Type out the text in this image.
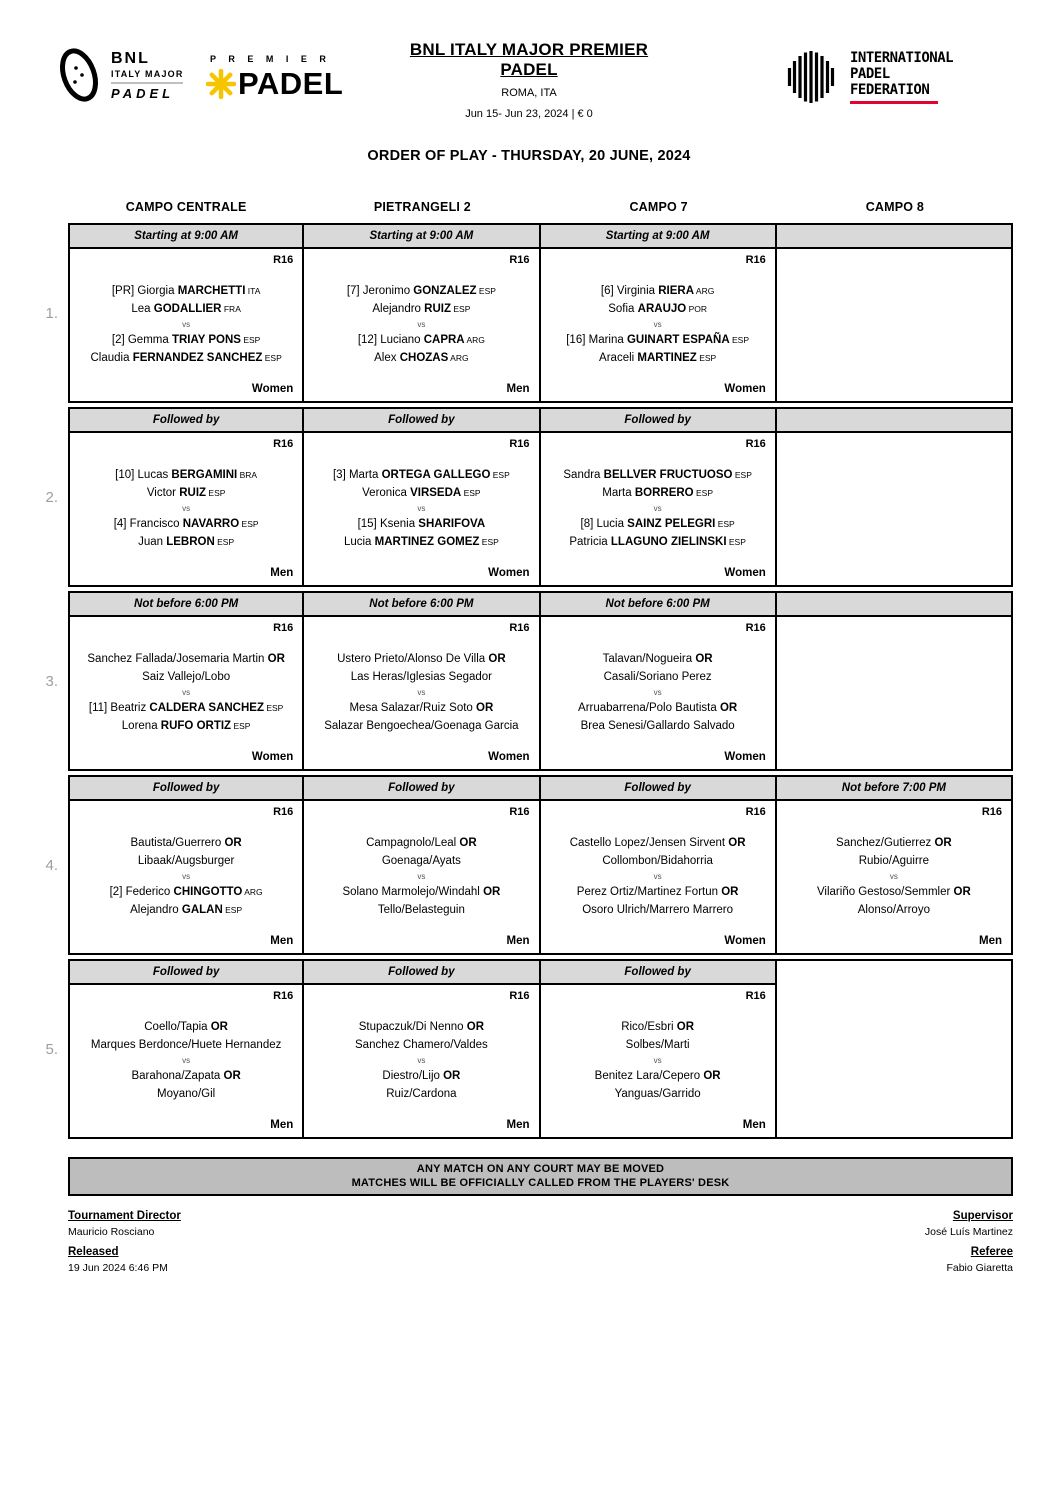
BNL
ITALY MAJOR
PADEL
P R E M I E R
PADEL
BNL ITALY MAJOR PREMIER
PADEL
ROMA, ITA
Jun 15- Jun 23, 2024 | € 0
ORDER OF PLAY - THURSDAY, 20 JUNE, 2024
INTERNATIONAL
PADEL
FEDERATION
CAMPO CENTRALE	PIETRANGELI 2	CAMPO 7	CAMPO 8
1.
Starting at 9:00 AM
R16
[PR] Giorgia MARCHETTI ITA
Lea GODALLIER FRA
vs
[2] Gemma TRIAY PONS ESP
Claudia FERNANDEZ SANCHEZ ESP
Women
Starting at 9:00 AM
R16
[7] Jeronimo GONZALEZ ESP
Alejandro RUIZ ESP
vs
[12] Luciano CAPRA ARG
Alex CHOZAS ARG
Men
Starting at 9:00 AM
R16
[6] Virginia RIERA ARG
Sofia ARAUJO POR
vs
[16] Marina GUINART ESPAÑA ESP
Araceli MARTINEZ ESP
Women
2.
Followed by
R16
[10] Lucas BERGAMINI BRA
Victor RUIZ ESP
vs
[4] Francisco NAVARRO ESP
Juan LEBRON ESP
Men
Followed by
R16
[3] Marta ORTEGA GALLEGO ESP
Veronica VIRSEDA ESP
vs
[15] Ksenia SHARIFOVA
Lucia MARTINEZ GOMEZ ESP
Women
Followed by
R16
Sandra BELLVER FRUCTUOSO ESP
Marta BORRERO ESP
vs
[8] Lucia SAINZ PELEGRI ESP
Patricia LLAGUNO ZIELINSKI ESP
Women
3.
Not before 6:00 PM
R16
Sanchez Fallada/Josemaria Martin OR
Saiz Vallejo/Lobo
vs
[11] Beatriz CALDERA SANCHEZ ESP
Lorena RUFO ORTIZ ESP
Women
Not before 6:00 PM
R16
Ustero Prieto/Alonso De Villa OR
Las Heras/Iglesias Segador
vs
Mesa Salazar/Ruiz Soto OR
Salazar Bengoechea/Goenaga Garcia
Women
Not before 6:00 PM
R16
Talavan/Nogueira OR
Casali/Soriano Perez
vs
Arruabarrena/Polo Bautista OR
Brea Senesi/Gallardo Salvado
Women
4.
Followed by
R16
Bautista/Guerrero OR
Libaak/Augsburger
vs
[2] Federico CHINGOTTO ARG
Alejandro GALAN ESP
Men
Followed by
R16
Campagnolo/Leal OR
Goenaga/Ayats
vs
Solano Marmolejo/Windahl OR
Tello/Belasteguin
Men
Followed by
R16
Castello Lopez/Jensen Sirvent OR
Collombon/Bidahorria
vs
Perez Ortiz/Martinez Fortun OR
Osoro Ulrich/Marrero Marrero
Women
Not before 7:00 PM
R16
Sanchez/Gutierrez OR
Rubio/Aguirre
vs
Vilariño Gestoso/Semmler OR
Alonso/Arroyo
Men
5.
Followed by
R16
Coello/Tapia OR
Marques Berdonce/Huete Hernandez
vs
Barahona/Zapata OR
Moyano/Gil
Men
Followed by
R16
Stupaczuk/Di Nenno OR
Sanchez Chamero/Valdes
vs
Diestro/Lijo OR
Ruiz/Cardona
Men
Followed by
R16
Rico/Esbri OR
Solbes/Marti
vs
Benitez Lara/Cepero OR
Yanguas/Garrido
Men
ANY MATCH ON ANY COURT MAY BE MOVED
MATCHES WILL BE OFFICIALLY CALLED FROM THE PLAYERS' DESK
Tournament Director
Mauricio Rosciano
Released
19 Jun 2024 6:46 PM
Supervisor
José Luís Martinez
Referee
Fabio Giaretta
